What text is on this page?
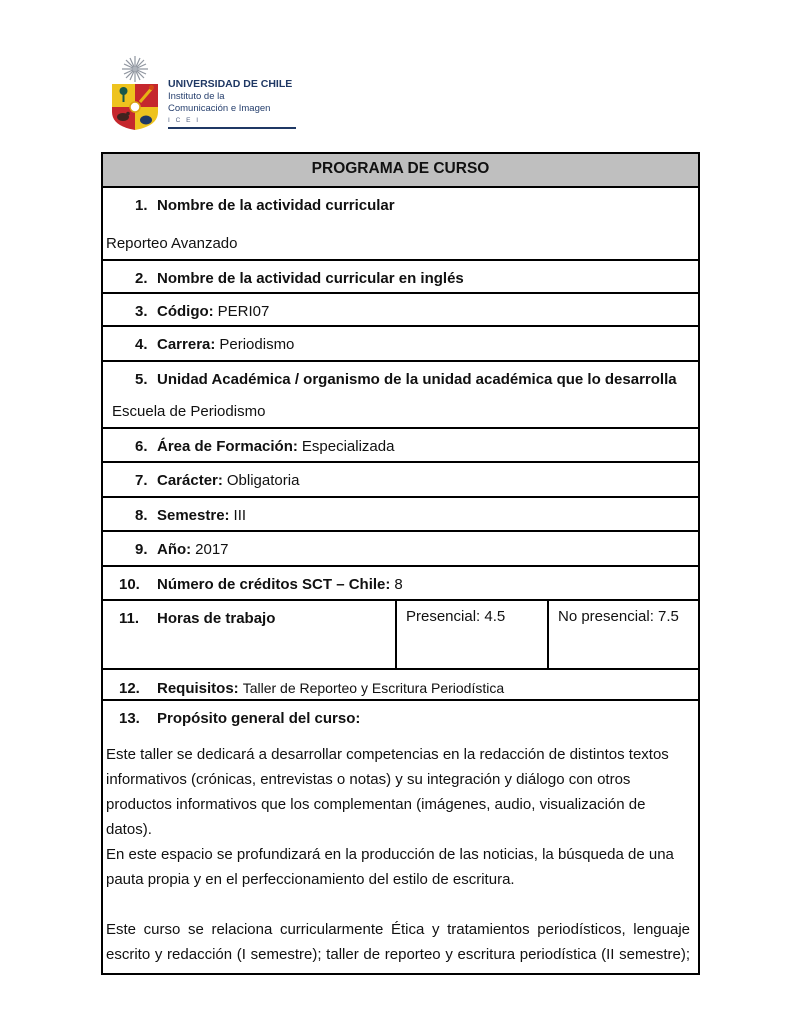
UNIVERSIDAD DE CHILE
Instituto de la
Comunicación e Imagen
I C E I
PROGRAMA DE CURSO
1. Nombre de la actividad curricular
Reporteo Avanzado
2. Nombre de la actividad curricular en inglés
3. Código: PERI07
4. Carrera: Periodismo
5. Unidad Académica / organismo de la unidad académica que lo desarrolla
Escuela de Periodismo
6. Área de Formación: Especializada
7. Carácter: Obligatoria
8. Semestre: III
9. Año: 2017
10. Número de créditos SCT – Chile: 8
11. Horas de trabajo	Presencial: 4.5	No presencial: 7.5
12. Requisitos: Taller de Reporteo y Escritura Periodística
13. Propósito general del curso:
Este taller se dedicará a desarrollar competencias en la redacción de distintos textos informativos (crónicas, entrevistas o notas) y su integración y diálogo con otros productos informativos que los complementan (imágenes, audio, visualización de datos).
En este espacio se profundizará en la producción de las noticias, la búsqueda de una pauta propia y en el perfeccionamiento del estilo de escritura.
Este curso se relaciona curricularmente Ética y tratamientos periodísticos, lenguaje escrito y redacción (I semestre); taller de reporteo y escritura periodística (II semestre);
